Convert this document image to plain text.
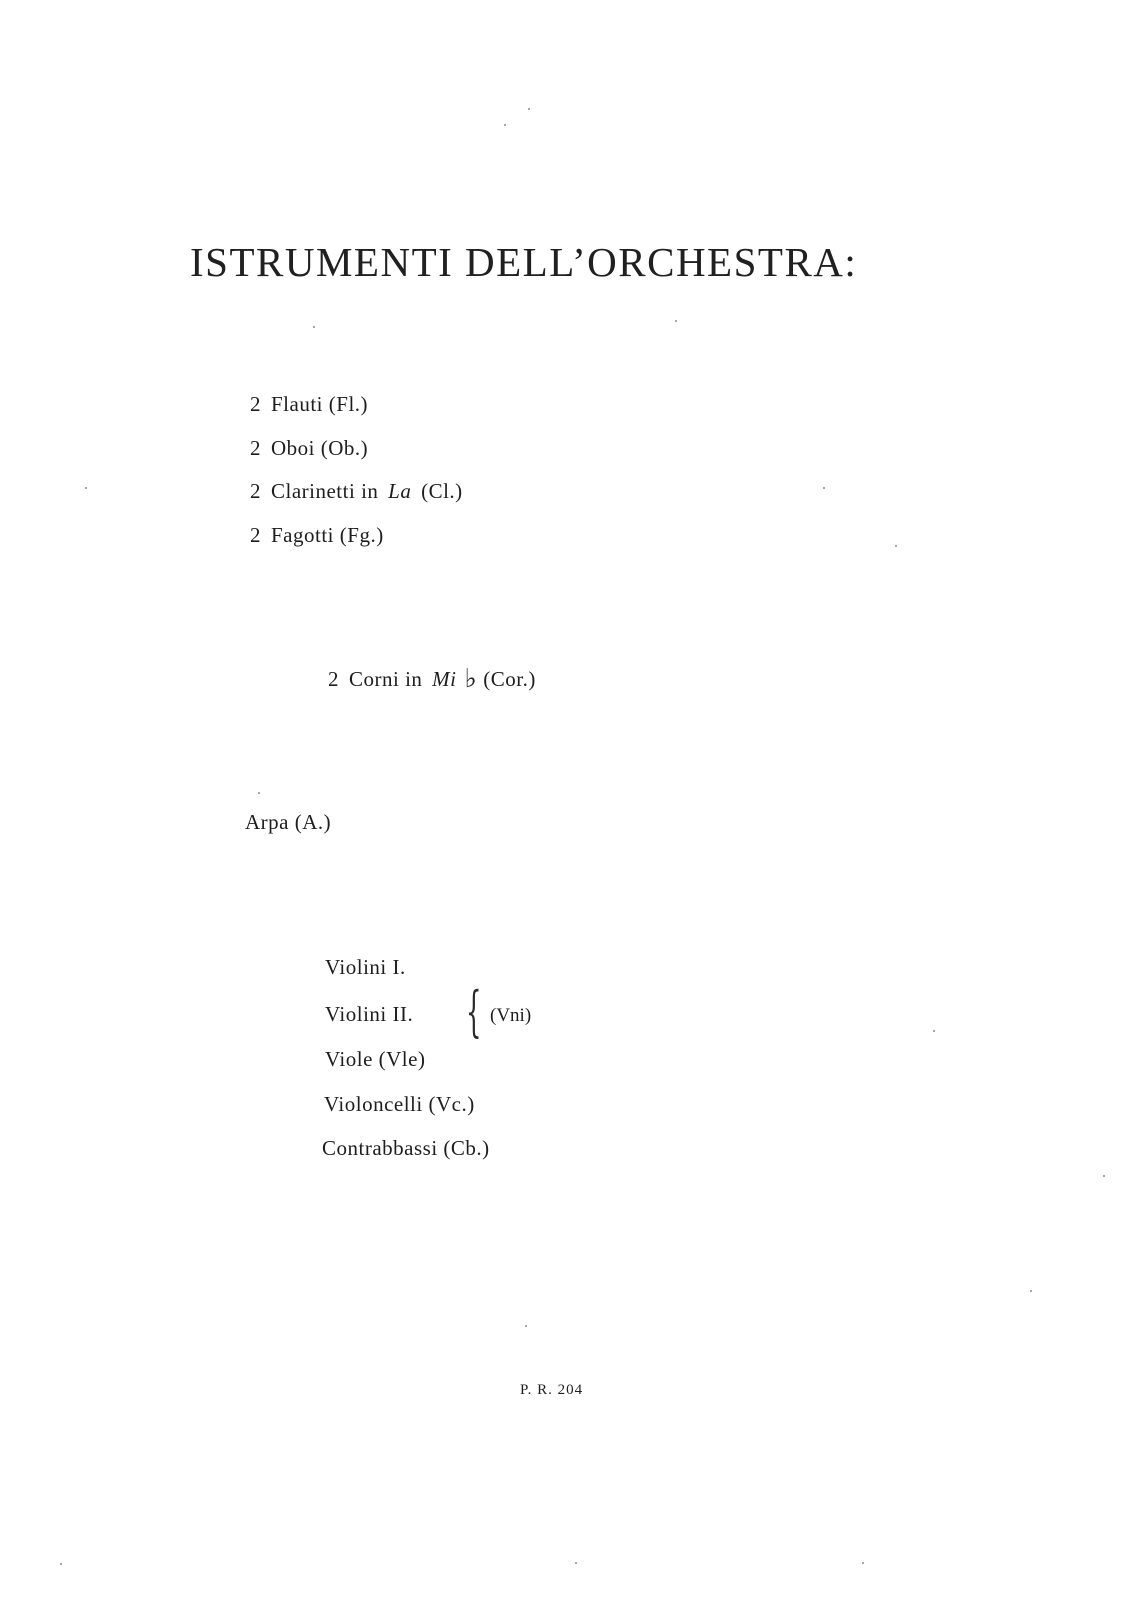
ISTRUMENTI DELL’ORCHESTRA:
2 Flauti (Fl.)
2 Oboi (Ob.)
2 Clarinetti in La (Cl.)
2 Fagotti (Fg.)
2 Corni in Mi ♭ (Cor.)
Arpa (A.)
Violini I.
Violini II. { (Vni)
Viole (Vle)
Violoncelli (Vc.)
Contrabbassi (Cb.)
P. R. 204
